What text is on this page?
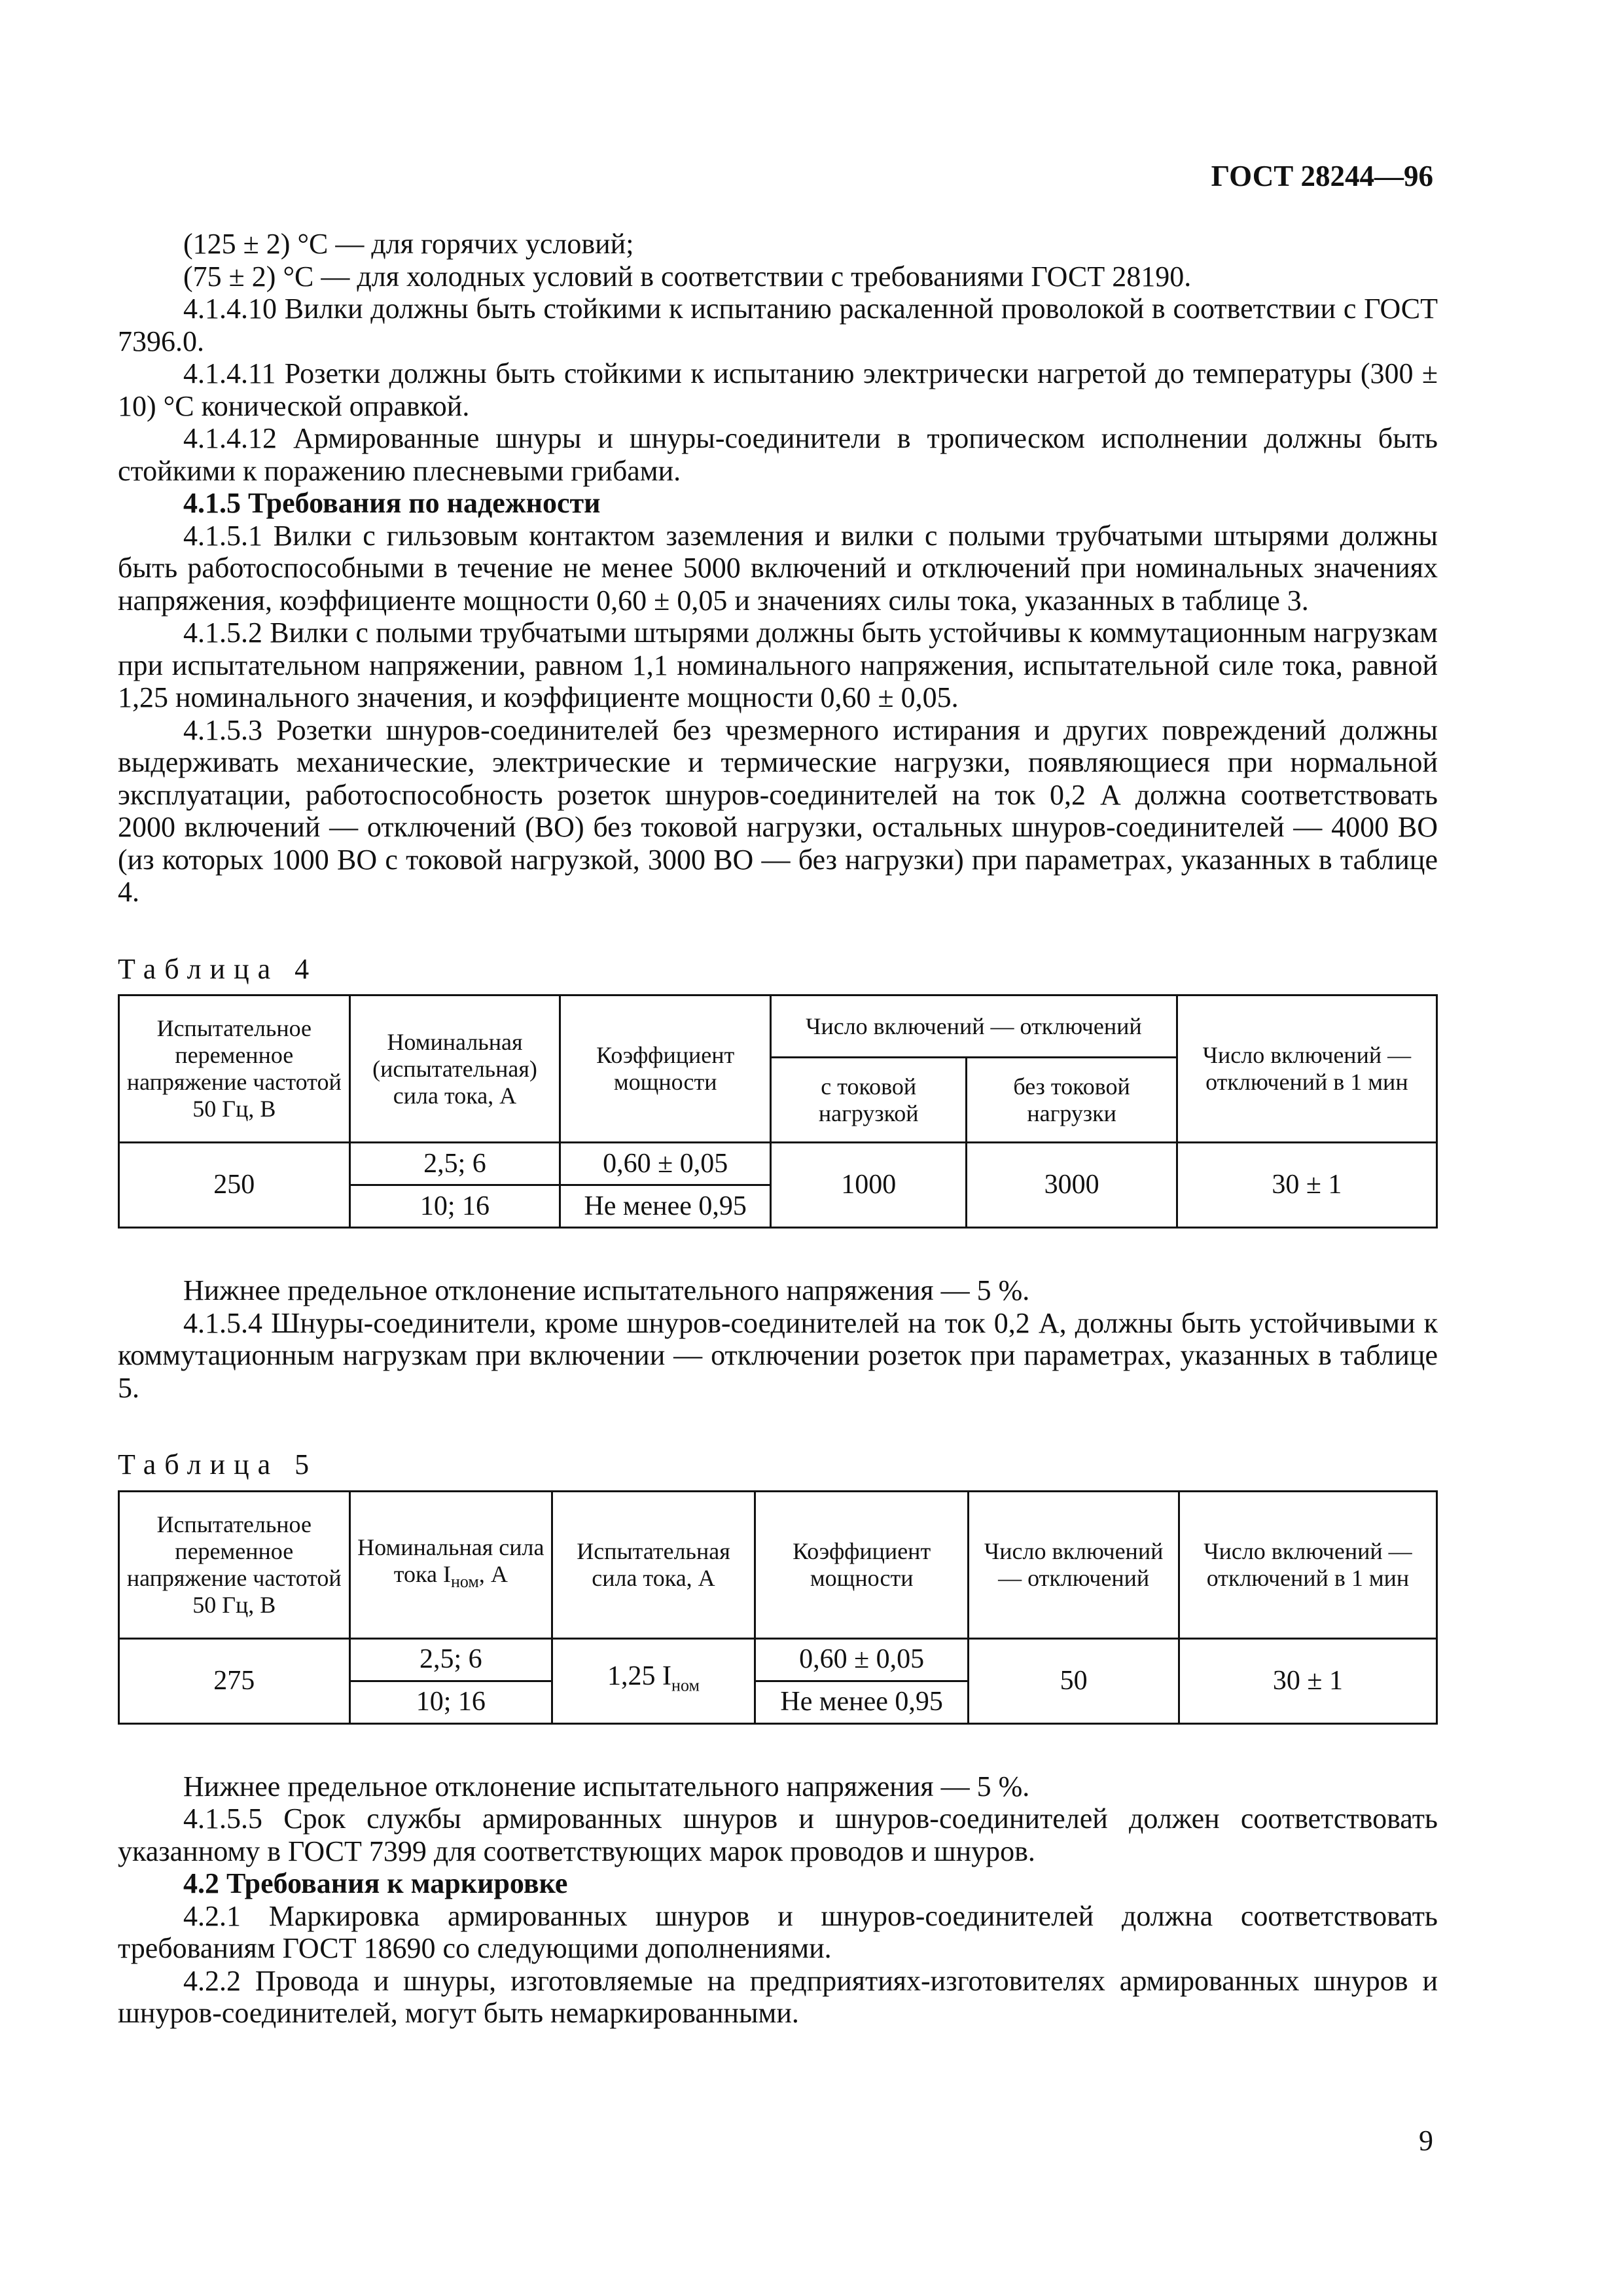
ГОСТ 28244—96

(125 ± 2) °С — для горячих условий;

(75 ± 2) °С — для холодных условий в соответствии с требованиями ГОСТ 28190.

4.1.4.10 Вилки должны быть стойкими к испытанию раскаленной проволокой в соответствии с ГОСТ 7396.0.

4.1.4.11 Розетки должны быть стойкими к испытанию электрически нагретой до температуры (300 ± 10) °С конической оправкой.

4.1.4.12 Армированные шнуры и шнуры-соединители в тропическом исполнении должны быть стойкими к поражению плесневыми грибами.

4.1.5 Требования по надежности

4.1.5.1 Вилки с гильзовым контактом заземления и вилки с полыми трубчатыми штырями должны быть работоспособными в течение не менее 5000 включений и отключений при номинальных значениях напряжения, коэффициенте мощности 0,60 ± 0,05 и значениях силы тока, указанных в таблице 3.

4.1.5.2 Вилки с полыми трубчатыми штырями должны быть устойчивы к коммутационным нагрузкам при испытательном напряжении, равном 1,1 номинального напряжения, испытательной силе тока, равной 1,25 номинального значения, и коэффициенте мощности 0,60 ± 0,05.

4.1.5.3 Розетки шнуров-соединителей без чрезмерного истирания и других повреждений должны выдерживать механические, электрические и термические нагрузки, появляющиеся при нормальной эксплуатации, работоспособность розеток шнуров-соединителей на ток 0,2 А должна соответствовать 2000 включений — отключений (ВО) без токовой нагрузки, остальных шнуров-соединителей — 4000 ВО (из которых 1000 ВО с токовой нагрузкой, 3000 ВО — без нагрузки) при параметрах, указанных в таблице 4.

Таблица 4

Испытательное переменное напряжение частотой 50 Гц, В	Номинальная (испытательная) сила тока, А	Коэффициент мощности	Число включений — отключений		Число включений — отключений в 1 мин
			с токовой нагрузкой	без токовой нагрузки	
250	2,5; 6	0,60 ± 0,05	1000	3000	30 ± 1
	10; 16	Не менее 0,95			

Нижнее предельное отклонение испытательного напряжения — 5 %.

4.1.5.4 Шнуры-соединители, кроме шнуров-соединителей на ток 0,2 А, должны быть устойчивыми к коммутационным нагрузкам при включении — отключении розеток при параметрах, указанных в таблице 5.

Таблица 5

Испытательное переменное напряжение частотой 50 Гц, В	Номинальная сила тока $I_{ном}$, А	Испытательная сила тока, А	Коэффициент мощности	Число включений — отключений	Число включений — отключений в 1 мин
275	2,5; 6	1,25 $I_{ном}$	0,60 ± 0,05	50	30 ± 1
	10; 16		Не менее 0,95		

Нижнее предельное отклонение испытательного напряжения — 5 %.

4.1.5.5 Срок службы армированных шнуров и шнуров-соединителей должен соответствовать указанному в ГОСТ 7399 для соответствующих марок проводов и шнуров.

4.2 Требования к маркировке

4.2.1 Маркировка армированных шнуров и шнуров-соединителей должна соответствовать требованиям ГОСТ 18690 со следующими дополнениями.

4.2.2 Провода и шнуры, изготовляемые на предприятиях-изготовителях армированных шнуров и шнуров-соединителей, могут быть немаркированными.

9
